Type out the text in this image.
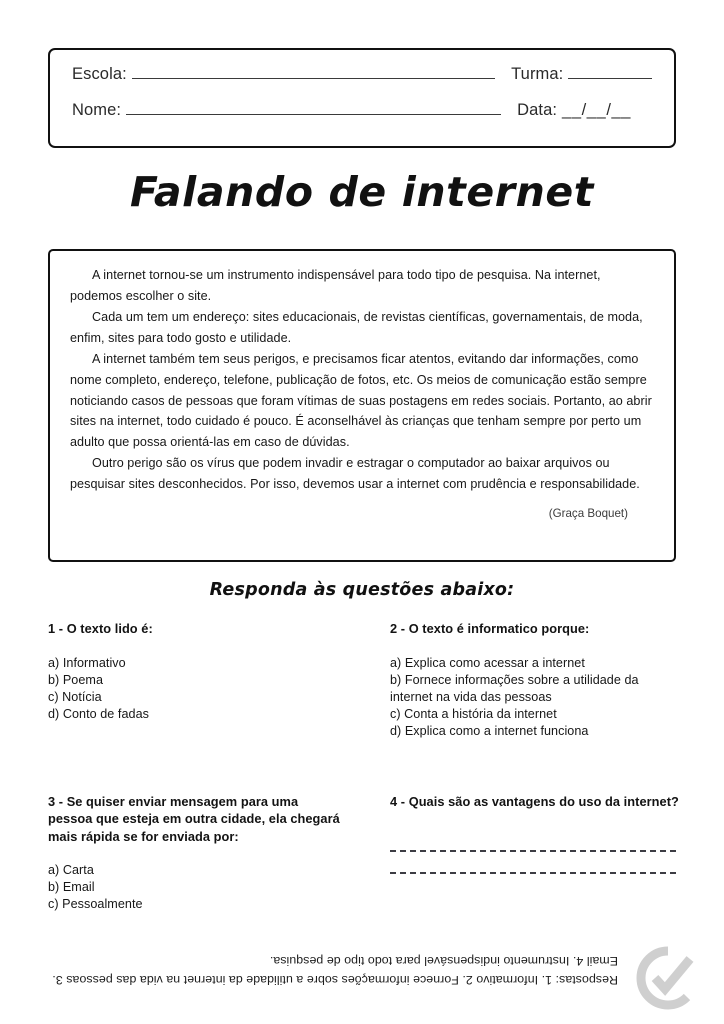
Escola:	Turma:
Nome:	Data: __/__/__
Falando de internet

A internet tornou-se um instrumento indispensável para todo tipo de pesquisa. Na internet, podemos escolher o site.

Cada um tem um endereço: sites educacionais, de revistas científicas, governamentais, de moda, enfim, sites para todo gosto e utilidade.

A internet também tem seus perigos, e precisamos ficar atentos, evitando dar informações, como nome completo, endereço, telefone, publicação de fotos, etc. Os meios de comunicação estão sempre noticiando casos de pessoas que foram vítimas de suas postagens em redes sociais. Portanto, ao abrir sites na internet, todo cuidado é pouco. É aconselhável às crianças que tenham sempre por perto um adulto que possa orientá-las em caso de dúvidas.

Outro perigo são os vírus que podem invadir e estragar o computador ao baixar arquivos ou pesquisar sites desconhecidos. Por isso, devemos usar a internet com prudência e responsabilidade.

(Graça Boquet)
Responda às questões abaixo:
1 - O texto lido é:
a) Informativo
b) Poema
c) Notícia
d) Conto de fadas
2 - O texto é informatico porque:
a) Explica como acessar a internet
b) Fornece informações sobre a utilidade da internet na vida das pessoas
c) Conta a história da internet
d) Explica como a internet funciona
3 - Se quiser enviar mensagem para uma pessoa que esteja em outra cidade, ela chegará mais rápida se for enviada por:
a) Carta
b) Email
c) Pessoalmente
4 - Quais são as vantagens do uso da internet?
Respostas: 1. Informativo 2. Fornece informações sobre a utilidade da internet na vida das pessoas 3. Email 4. Instrumento indispensável para todo tipo de pesquisa.
